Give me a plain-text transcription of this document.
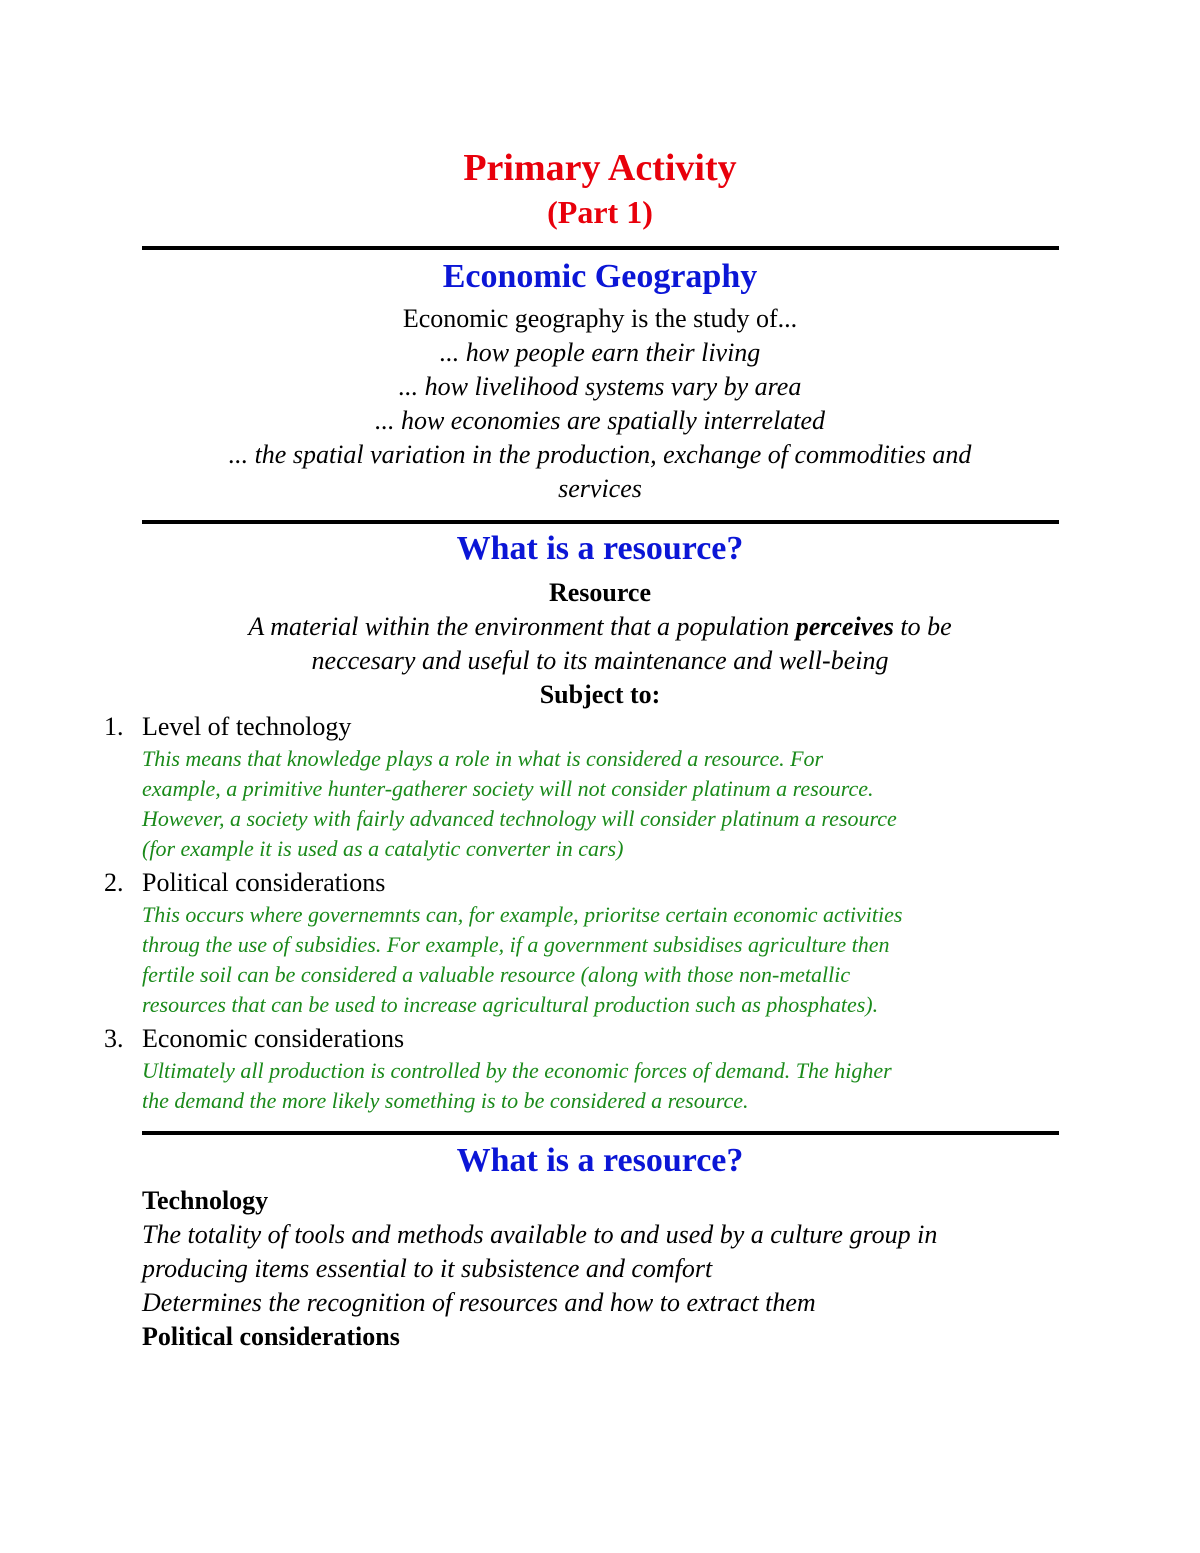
Primary Activity
(Part 1)
Economic Geography
Economic geography is the study of...
... how people earn their living
... how livelihood systems vary by area
... how economies are spatially interrelated
... the spatial variation in the production, exchange of commodities and
services
What is a resource?
Resource
A material within the environment that a population perceives to be
neccesary and useful to its maintenance and well-being
Subject to:
1. Level of technology
This means that knowledge plays a role in what is considered a resource. For
example, a primitive hunter-gatherer society will not consider platinum a resource.
However, a society with fairly advanced technology will consider platinum a resource
(for example it is used as a catalytic converter in cars)
2. Political considerations
This occurs where governemnts can, for example, prioritse certain economic activities
throug the use of subsidies. For example, if a government subsidises agriculture then
fertile soil can be considered a valuable resource (along with those non-metallic
resources that can be used to increase agricultural production such as phosphates).
3. Economic considerations
Ultimately all production is controlled by the economic forces of demand. The higher
the demand the more likely something is to be considered a resource.
What is a resource?
Technology
The totality of tools and methods available to and used by a culture group in
producing items essential to it subsistence and comfort
Determines the recognition of resources and how to extract them
Political considerations
